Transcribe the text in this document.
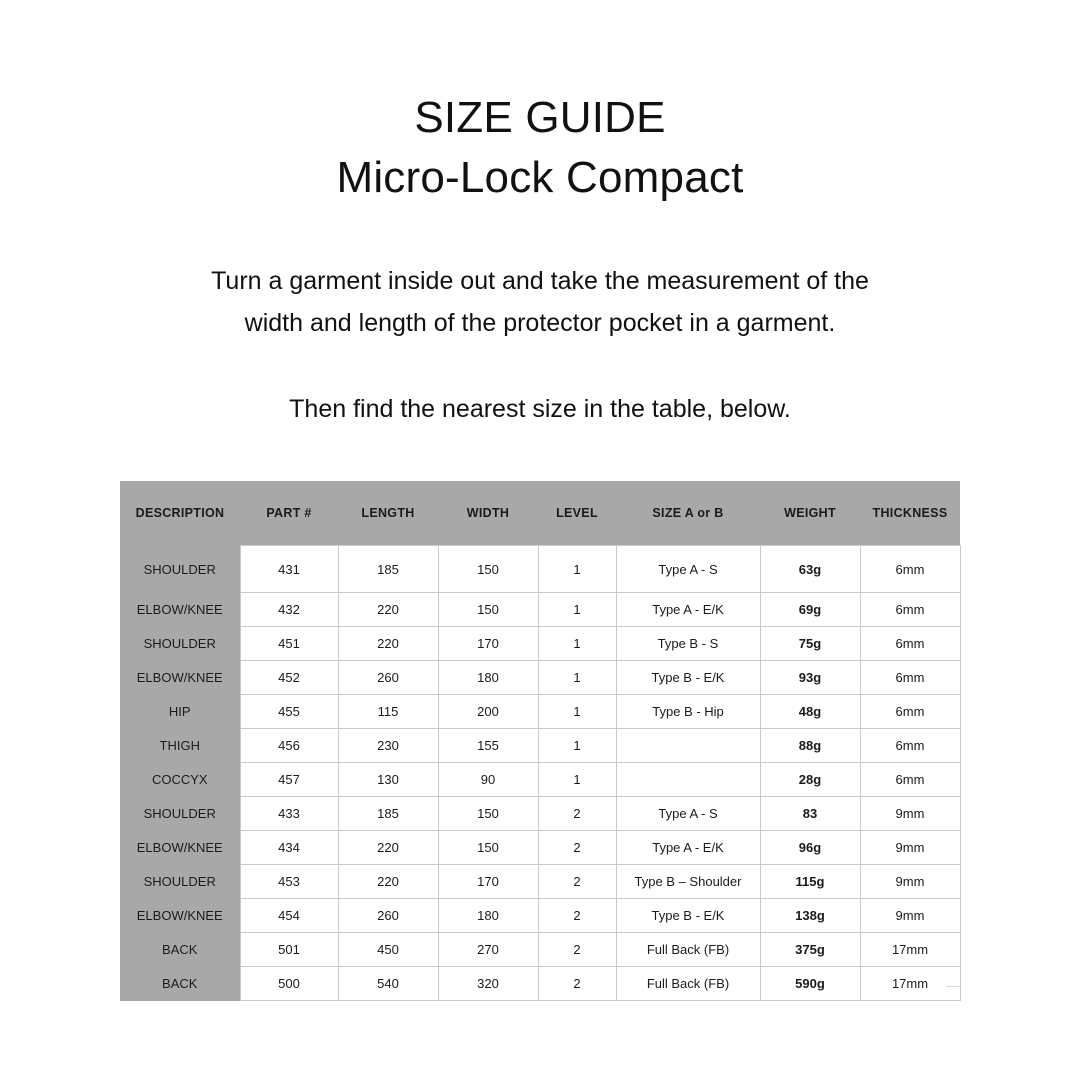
SIZE GUIDE
Micro-Lock Compact
Turn a garment inside out and take the measurement of the
width and length of the protector pocket in a garment.
Then find the nearest size in the table, below.
DESCRIPTION	PART #	LENGTH	WIDTH	LEVEL	SIZE A or B	WEIGHT	THICKNESS
SHOULDER	431	185	150	1	Type A - S	63g	6mm
ELBOW/KNEE	432	220	150	1	Type A - E/K	69g	6mm
SHOULDER	451	220	170	1	Type B - S	75g	6mm
ELBOW/KNEE	452	260	180	1	Type B - E/K	93g	6mm
HIP	455	115	200	1	Type B - Hip	48g	6mm
THIGH	456	230	155	1		88g	6mm
COCCYX	457	130	90	1		28g	6mm
SHOULDER	433	185	150	2	Type A - S	83	9mm
ELBOW/KNEE	434	220	150	2	Type A - E/K	96g	9mm
SHOULDER	453	220	170	2	Type B – Shoulder	115g	9mm
ELBOW/KNEE	454	260	180	2	Type B - E/K	138g	9mm
BACK	501	450	270	2	Full Back (FB)	375g	17mm
BACK	500	540	320	2	Full Back (FB)	590g	17mm
